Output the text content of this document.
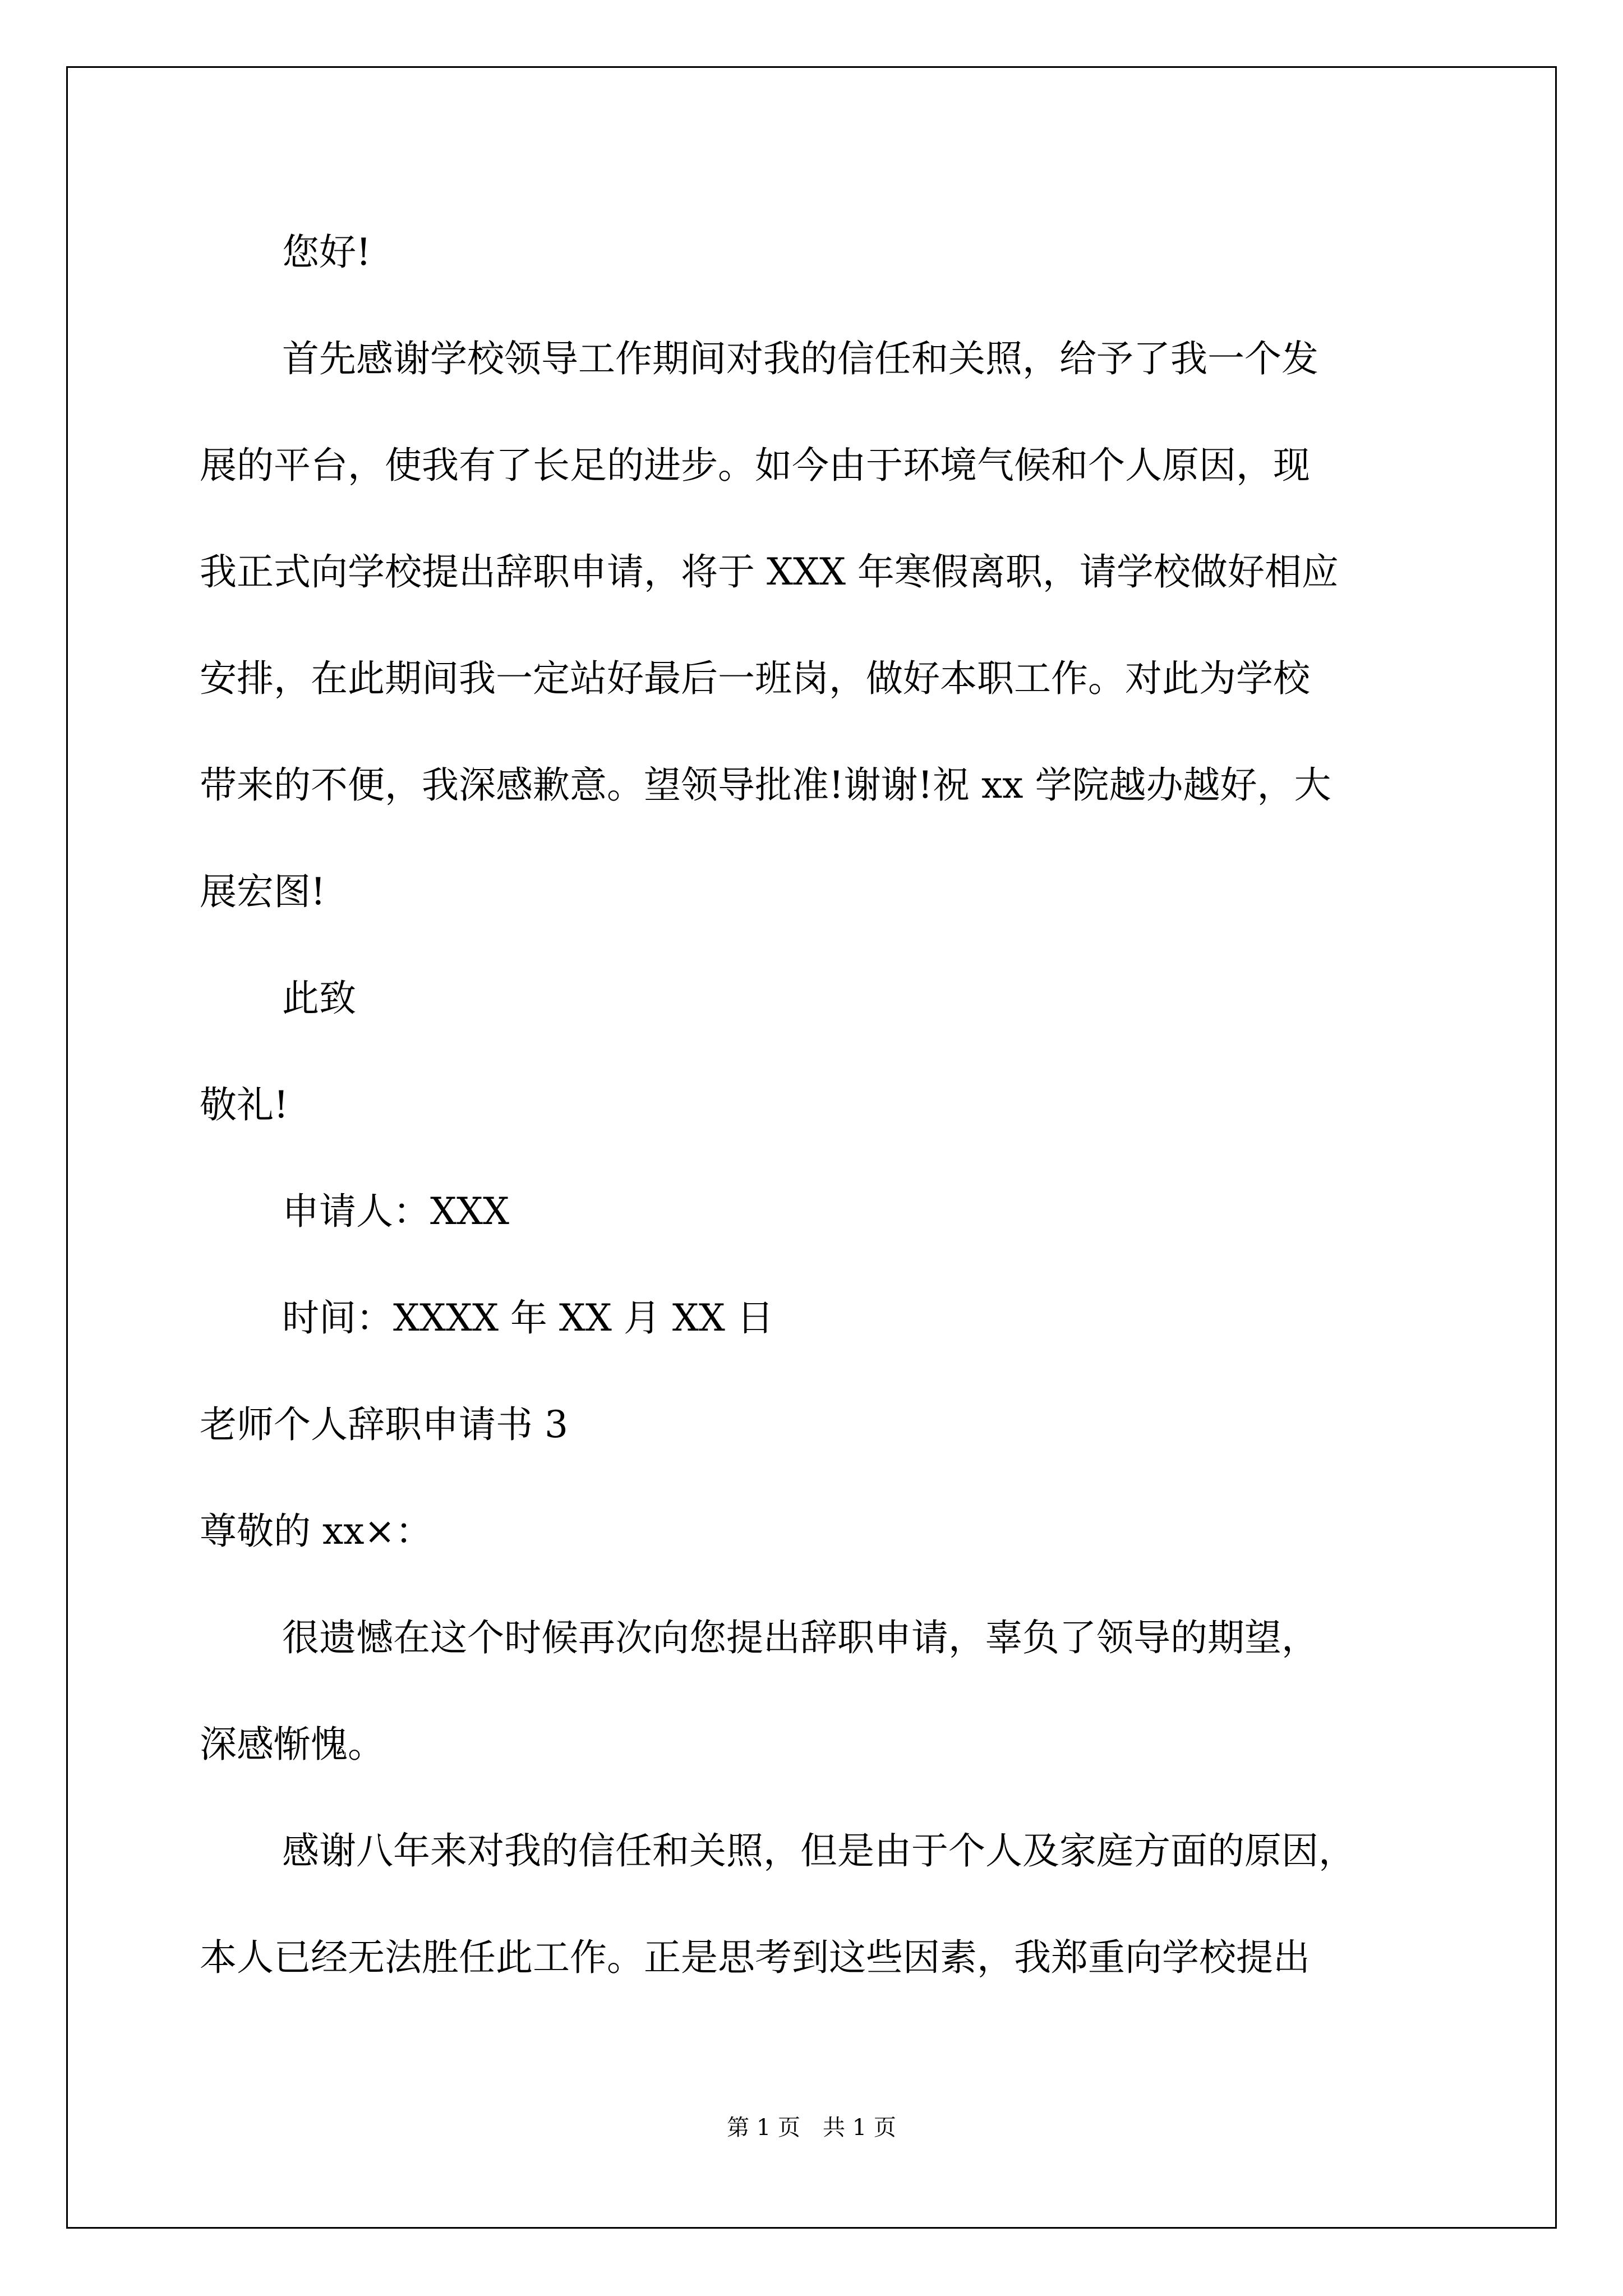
您好!
首先感谢学校领导工作期间对我的信任和关照，给予了我一个发
展的平台，使我有了长足的进步。如今由于环境气候和个人原因，现
我正式向学校提出辞职申请，将于 XXX 年寒假离职，请学校做好相应
安排，在此期间我一定站好最后一班岗，做好本职工作。对此为学校
带来的不便，我深感歉意。望领导批准!谢谢!祝 xx 学院越办越好，大
展宏图!
此致
敬礼!
申请人：XXX
时间：XXXX 年 XX 月 XX 日
老师个人辞职申请书 3
尊敬的 xx×：
很遗憾在这个时候再次向您提出辞职申请，辜负了领导的期望，
深感惭愧。
感谢八年来对我的信任和关照，但是由于个人及家庭方面的原因，
本人已经无法胜任此工作。正是思考到这些因素，我郑重向学校提出
第 1 页　共 1 页
